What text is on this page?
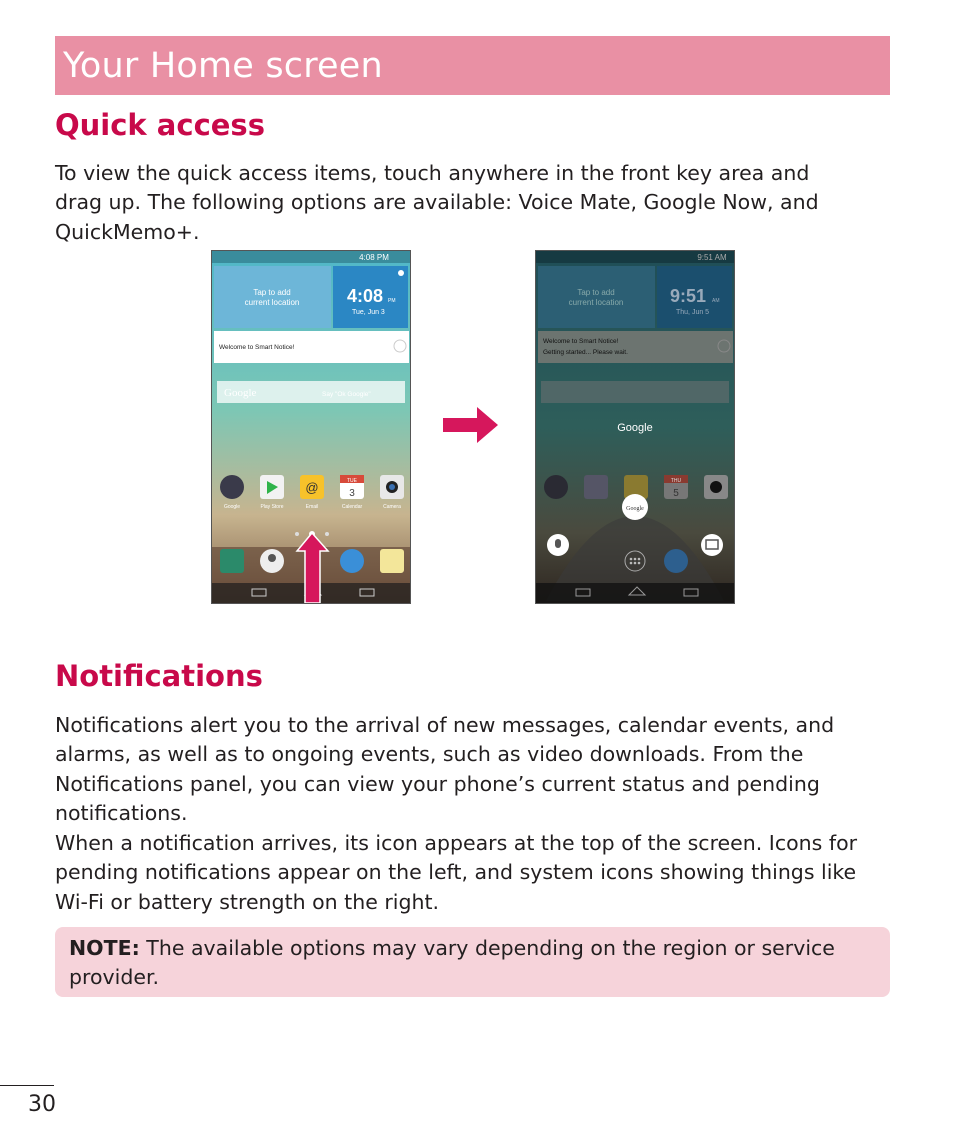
Your Home screen
Quick access
To view the quick access items, touch anywhere in the front key area and drag up. The following options are available: Voice Mate, Google Now, and QuickMemo+.
4:08 PM
Tap to add
current location	4:08 PM
Tue, Jun 3
Welcome to Smart Notice!
Google	Say "Ok Google"
@	TUE
3
Google	Play Store	Email	Calendar	Camera
9:51 AM
Tap to add
current location	9:51 AM
Thu, Jun 5
Welcome to Smart Notice!
Getting started... Please wait.
Google
THU
5
Google
Notifications
Notifications alert you to the arrival of new messages, calendar events, and alarms, as well as to ongoing events, such as video downloads. From the Notifications panel, you can view your phone’s current status and pending notifications.
When a notification arrives, its icon appears at the top of the screen. Icons for pending notifications appear on the left, and system icons showing things like Wi-Fi or battery strength on the right.
NOTE: The available options may vary depending on the region or service provider.
30
